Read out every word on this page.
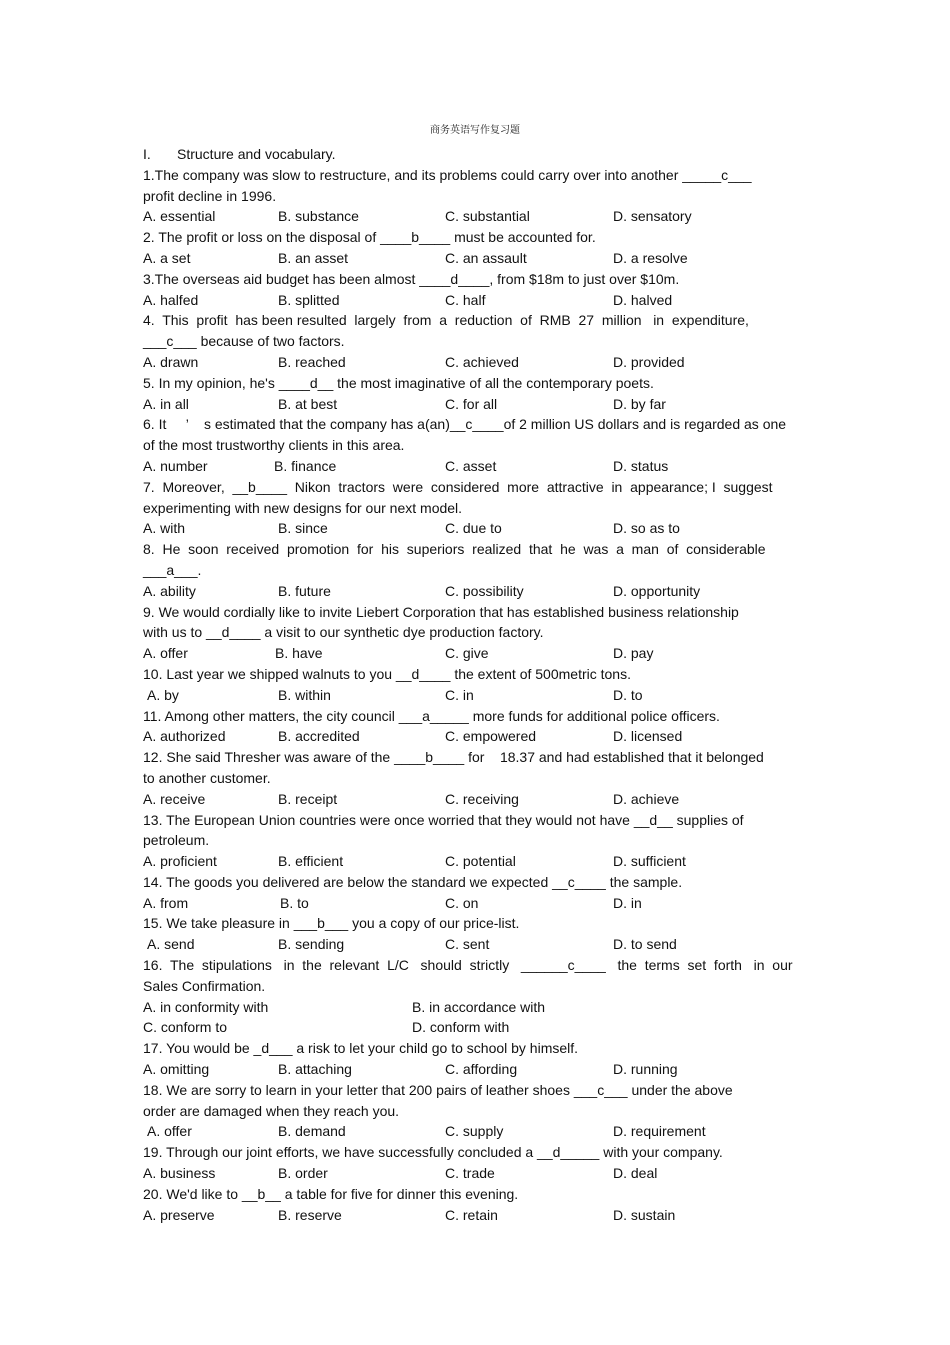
商务英语写作复习题
I.	Structure and vocabulary.
1.The company was slow to restructure, and its problems could carry over into another _____c___
profit decline in 1996.
A. essential	B. substance	C. substantial	D. sensatory
2. The profit or loss on the disposal of ____b____ must be accounted for.
A. a set	B. an asset	C. an assault	D. a resolve
3.The overseas aid budget has been almost ____d____, from $18m to just over $10m.
A. halfed	B. splitted	C. half	D. halved
4.  This  profit  has been resulted  largely  from  a  reduction  of  RMB  27  million   in  expenditure,
___c___ because of two factors.
A. drawn	B. reached	C. achieved	D. provided
5. In my opinion, he's ____d__ the most imaginative of all the contemporary poets.
A. in all	B. at best	C. for all	D. by far
6. It     ’    s estimated that the company has a(an)__c____of 2 million US dollars and is regarded as one
of the most trustworthy clients in this area.
A. number	B. finance	C. asset	D. status
7.  Moreover,  __b____  Nikon  tractors  were  considered  more  attractive  in  appearance; I  suggest
experimenting with new designs for our next model.
A. with	B. since	C. due to	D. so as to
8.  He  soon  received  promotion  for  his  superiors  realized  that  he  was  a  man  of  considerable
___a___.
A. ability	B. future	C. possibility	D. opportunity
9. We would cordially like to invite Liebert Corporation that has established business relationship
with us to __d____ a visit to our synthetic dye production factory.
A. offer	B. have	C. give	D. pay
10. Last year we shipped walnuts to you __d____ the extent of 500metric tons.
A. by	B. within	C. in	D. to
11. Among other matters, the city council ___a_____ more funds for additional police officers.
A. authorized	B. accredited	C. empowered	D. licensed
12. She said Thresher was aware of the ____b____ for    18.37 and had established that it belonged
to another customer.
A. receive	B. receipt	C. receiving	D. achieve
13. The European Union countries were once worried that they would not have __d__ supplies of
petroleum.
A. proficient	B. efficient	C. potential	D. sufficient
14. The goods you delivered are below the standard we expected __c____ the sample.
A. from	B. to	C. on	D. in
15. We take pleasure in ___b___ you a copy of our price-list.
A. send	B. sending	C. sent	D. to send
16.  The  stipulations   in  the  relevant  L/C   should  strictly   ______c____   the  terms  set  forth   in  our
Sales Confirmation.
A. in conformity with	B. in accordance with
C. conform to	D. conform with
17. You would be _d___ a risk to let your child go to school by himself.
A. omitting	B. attaching	C. affording	D. running
18. We are sorry to learn in your letter that 200 pairs of leather shoes ___c___ under the above
order are damaged when they reach you.
A. offer	B. demand	C. supply	D. requirement
19. Through our joint efforts, we have successfully concluded a __d_____ with your company.
A. business	B. order	C. trade	D. deal
20. We'd like to __b__ a table for five for dinner this evening.
A. preserve	B. reserve	C. retain	D. sustain
